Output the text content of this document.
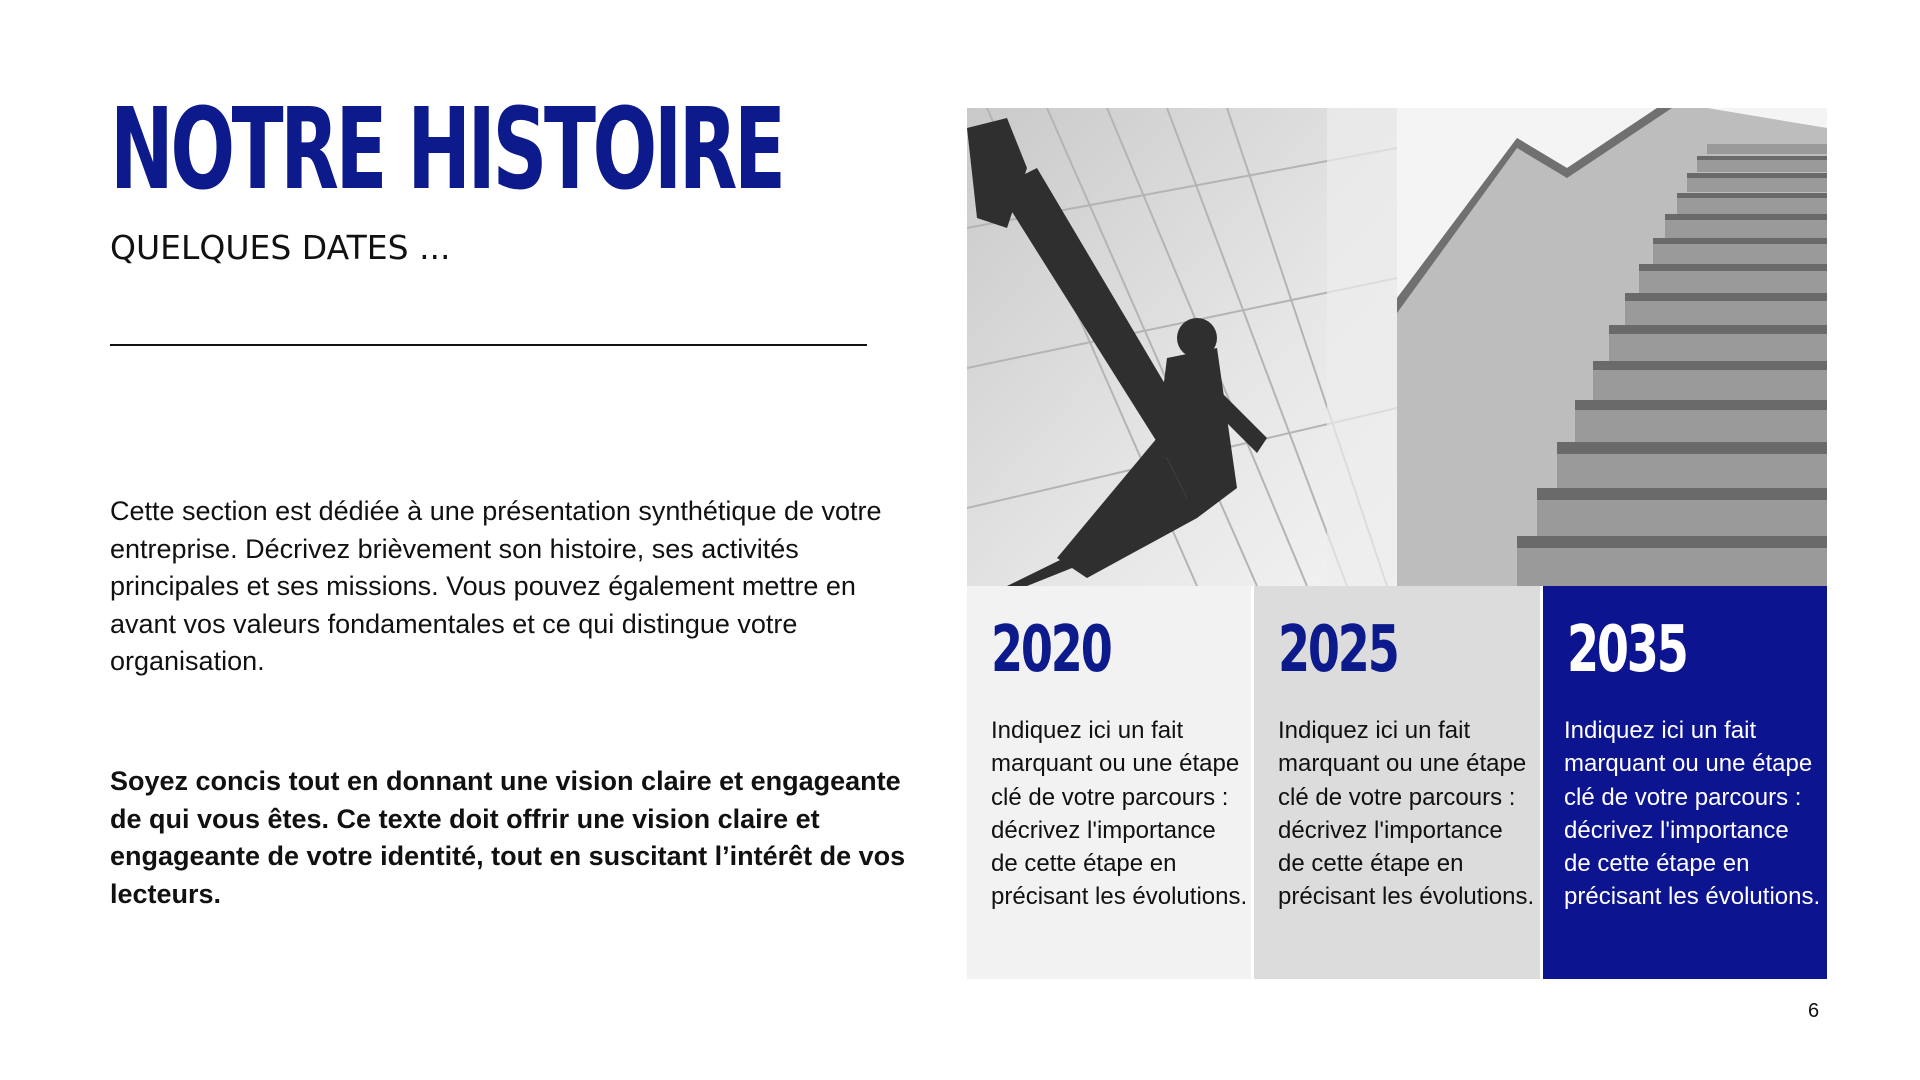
NOTRE HISTOIRE
QUELQUES DATES ...

Cette section est dédiée à une présentation synthétique de votre entreprise. Décrivez brièvement son histoire, ses activités principales et ses missions. Vous pouvez également mettre en avant vos valeurs fondamentales et ce qui distingue votre organisation.

Soyez concis tout en donnant une vision claire et engageante de qui vous êtes. Ce texte doit offrir une vision claire et engageante de votre identité, tout en suscitant l’intérêt de vos lecteurs.

2020
Indiquez ici un fait marquant ou une étape clé de votre parcours : décrivez l'importance de cette étape en précisant les évolutions.
2025
Indiquez ici un fait marquant ou une étape clé de votre parcours : décrivez l'importance de cette étape en précisant les évolutions.
2035
Indiquez ici un fait marquant ou une étape clé de votre parcours : décrivez l'importance de cette étape en précisant les évolutions.
6
